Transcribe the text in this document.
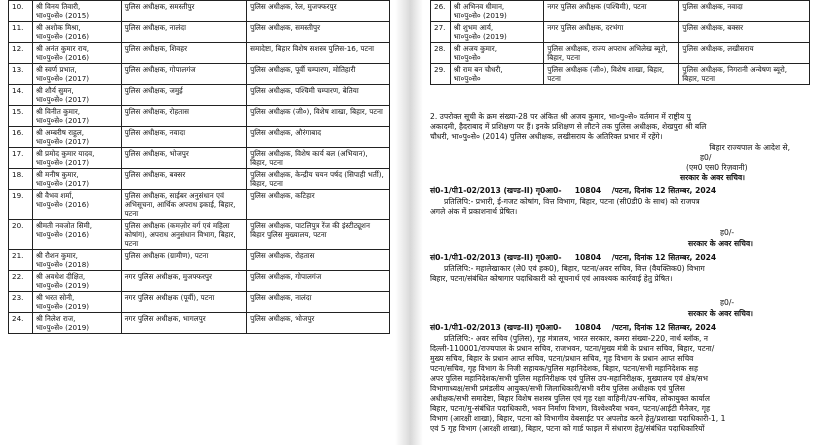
10.	श्री विनय तिवारी,
भा०पु०से० (2015)	पुलिस अधीक्षक, समस्तीपुर	पुलिस अधीक्षक, रेल, मुजफ्फरपुर

11.	श्री अशोक मिश्रा,
भा०पु०से० (2016)	पुलिस अधीक्षक, नालंदा	पुलिस अधीक्षक, समस्तीपुर

12.	श्री अनंत कुमार राय,
भा०पु०से० (2016)	पुलिस अधीक्षक, शिवहर	समादेष्टा, बिहार विशेष सशस्त्र पुलिस-16, पटना

13.	श्री स्वर्ण प्रभात,
भा०पु०से० (2017)	पुलिस अधीक्षक, गोपालगंज	पुलिस अधीक्षक, पूर्वी चम्पारण, मोतिहारी

14.	श्री शौर्य सुमन,
भा०पु०से० (2017)	पुलिस अधीक्षक, जमुई	पुलिस अधीक्षक, पश्चिमी चम्पारण, बेतिया

15.	श्री विनीत कुमार,
भा०पु०से० (2017)	पुलिस अधीक्षक, रोहतास	पुलिस अधीक्षक (जी०), विशेष शाखा, बिहार, पटना

16.	श्री अम्बरीष राहुल,
भा०पु०से० (2017)	पुलिस अधीक्षक, नवादा	पुलिस अधीक्षक, औरंगाबाद

17.	श्री प्रमोद कुमार यादव,
भा०पु०से० (2017)	पुलिस अधीक्षक, भोजपुर	पुलिस अधीक्षक, विशेष कार्य बल (अभियान), बिहार, पटना

18.	श्री मनीष कुमार,
भा०पु०से० (2017)	पुलिस अधीक्षक, बक्सर	पुलिस अधीक्षक, केन्द्रीय चयन पर्षद (सिपाही भर्ती), बिहार, पटना

19.	श्री वैभव शर्मा,
भा०पु०से० (2016)	पुलिस अधीक्षक, साईबर अनुसंधान एवं अभिसूचना, आर्थिक अपराध इकाई, बिहार, पटना	पुलिस अधीक्षक, कटिहार

20.	श्रीमती नवजोत सिमी,
भा०पु०से० (2016)	पुलिस अधीक्षक (कमज़ोर वर्ग एवं महिला कोषांग), अपराध अनुसंधान विभाग, बिहार, पटना	पुलिस अधीक्षक, पाटलिपुत्र रेंज की इंस्टीट्यूशन बिहार पुलिस मुख्यालय, पटना

21.	श्री रौशन कुमार,
भा०पु०से० (2018)	पुलिस अधीक्षक (ग्रामीण), पटना	पुलिस अधीक्षक, रोहतास

22.	श्री अवधेश दीक्षित,
भा०पु०से० (2019)	नगर पुलिस अधीक्षक, मुजफ्फरपुर	पुलिस अधीक्षक, गोपालगंज

23.	श्री भरत सोनी,
भा०पु०से० (2019)	नगर पुलिस अधीक्षक (पूर्वी), पटना	पुलिस अधीक्षक, नालंदा

24.	श्री निलेश राज,
भा०पु०से० (2019)	नगर पुलिस अधीक्षक, भागलपुर	पुलिस अधीक्षक, भोजपुर
26.	श्री अभिनव धीमान,
भा०पु०से० (2019)	नगर पुलिस अधीक्षक (पश्चिमी), पटना	पुलिस अधीक्षक, नवादा

27.	श्री शुभम आर्य,
भा०पु०से० (2019)	नगर पुलिस अधीक्षक, दरभंगा	पुलिस अधीक्षक, बक्सर

28.	श्री अजय कुमार,
भा०पु०से०	पुलिस अधीक्षक, राज्य अपराध अभिलेख ब्यूरो, बिहार, पटना	पुलिस अधीक्षक, लखीसराय

29.	श्री राम बन चौधरी,
भा०पु०से०	पुलिस अधीक्षक (जी०), विशेष शाखा, बिहार, पटना	पुलिस अधीक्षक, निगरानी अन्वेषण ब्यूरो, बिहार, पटना
2. उपरोक्त सूची के क्रम संख्या-28 पर अंकित श्री अजय कुमार, भा०पु०से० वर्तमान में राष्ट्रीय पु
अकादमी, हैदराबाद में प्रशिक्षण पर हैं। इनके प्रशिक्षण से लौटने तक पुलिस अधीक्षक, शेखपुरा श्री बलि
चौधरी, भा०पु०से० (2014) पुलिस अधीक्षक, लखीसराय के अतिरिक्त प्रभार में रहेंगे।
बिहार राज्यपाल के आदेश से,
ह0/
(एम0 एस0 रिज़वानी)
सरकार के अवर सचिव।
सं0-1/पी1-02/2013 (खण्ड-II) गृ0आ0- 10804 /पटना, दिनांक 12 सितम्बर, 2024
प्रतिलिपि:- प्रभारी, ई-गजट कोषांग, वित्त विभाग, बिहार, पटना (सी0डी0 के साथ) को राजपत्र
अगले अंक में प्रकाशनार्थ प्रेषित।
ह0/-
सरकार के अवर सचिव।
सं0-1/पी1-02/2013 (खण्ड-II) गृ0आ0- 10804 /पटना, दिनांक 12 सितम्बर, 2024
प्रतिलिपि:- महालेखाकार (ले0 एवं हक0), बिहार, पटना/अवर सचिव, वित्त (वैयक्तिक0) विभाग
बिहार, पटना/संबंधित कोषागार पदाधिकारी को सूचनार्थ एवं आवश्यक कार्रवाई हेतु प्रेषित।
ह0/-
सरकार के अवर सचिव।
सं0-1/पी1-02/2013 (खण्ड-II) गृ0आ0- 10804 /पटना, दिनांक 12 सितम्बर, 2024
प्रतिलिपि:- अवर सचिव (पुलिस), गृह मंत्रालय, भारत सरकार, कमरा संख्या-220, नार्थ ब्लॉक, न
दिल्ली-110001/राज्यपाल के प्रधान सचिव, राजभवन, पटना/मुख्य मंत्री के प्रधान सचिव, बिहार, पटना/
मुख्य सचिव, बिहार के प्रधान आप्त सचिव, पटना/प्रधान सचिव, गृह विभाग के प्रधान आप्त सचिव
पटना/सचिव, गृह विभाग के निजी सहायक/पुलिस महानिदेशक, बिहार, पटना/सभी महानिदेशक सह
अपर पुलिस महानिदेशक/सभी पुलिस महानिरीक्षक एवं पुलिस उप-महानिरीक्षक, मुख्यालय एवं क्षेत्र/सभ
विभागाध्यक्ष/सभी प्रमंडलीय आयुक्त/सभी जिलाधिकारी/सभी वरीय पुलिस अधीक्षक एवं पुलिस
अधीक्षक/सभी समादेष्टा, बिहार विशेष सशस्त्र पुलिस एवं गृह रक्षा वाहिनी/उप-सचिव, लोकायुक्त कार्याल
बिहार, पटना/मु-संबंधित पदाधिकारी, भवन निर्माण विभाग, विश्वेश्वरैया भवन, पटना/आईटी मैनेजर, गृह
विभाग (आरक्षी शाखा), बिहार, पटना को विभागीय वेबसाईट पर अपलोड करने हेतु/प्रशाखा पदाधिकारी-1, 1
एवं 5 गृह विभाग (आरक्षी शाखा), बिहार, पटना को गार्ड फाइल में संधारण हेतु/संबंधित पदाधिकारियों
